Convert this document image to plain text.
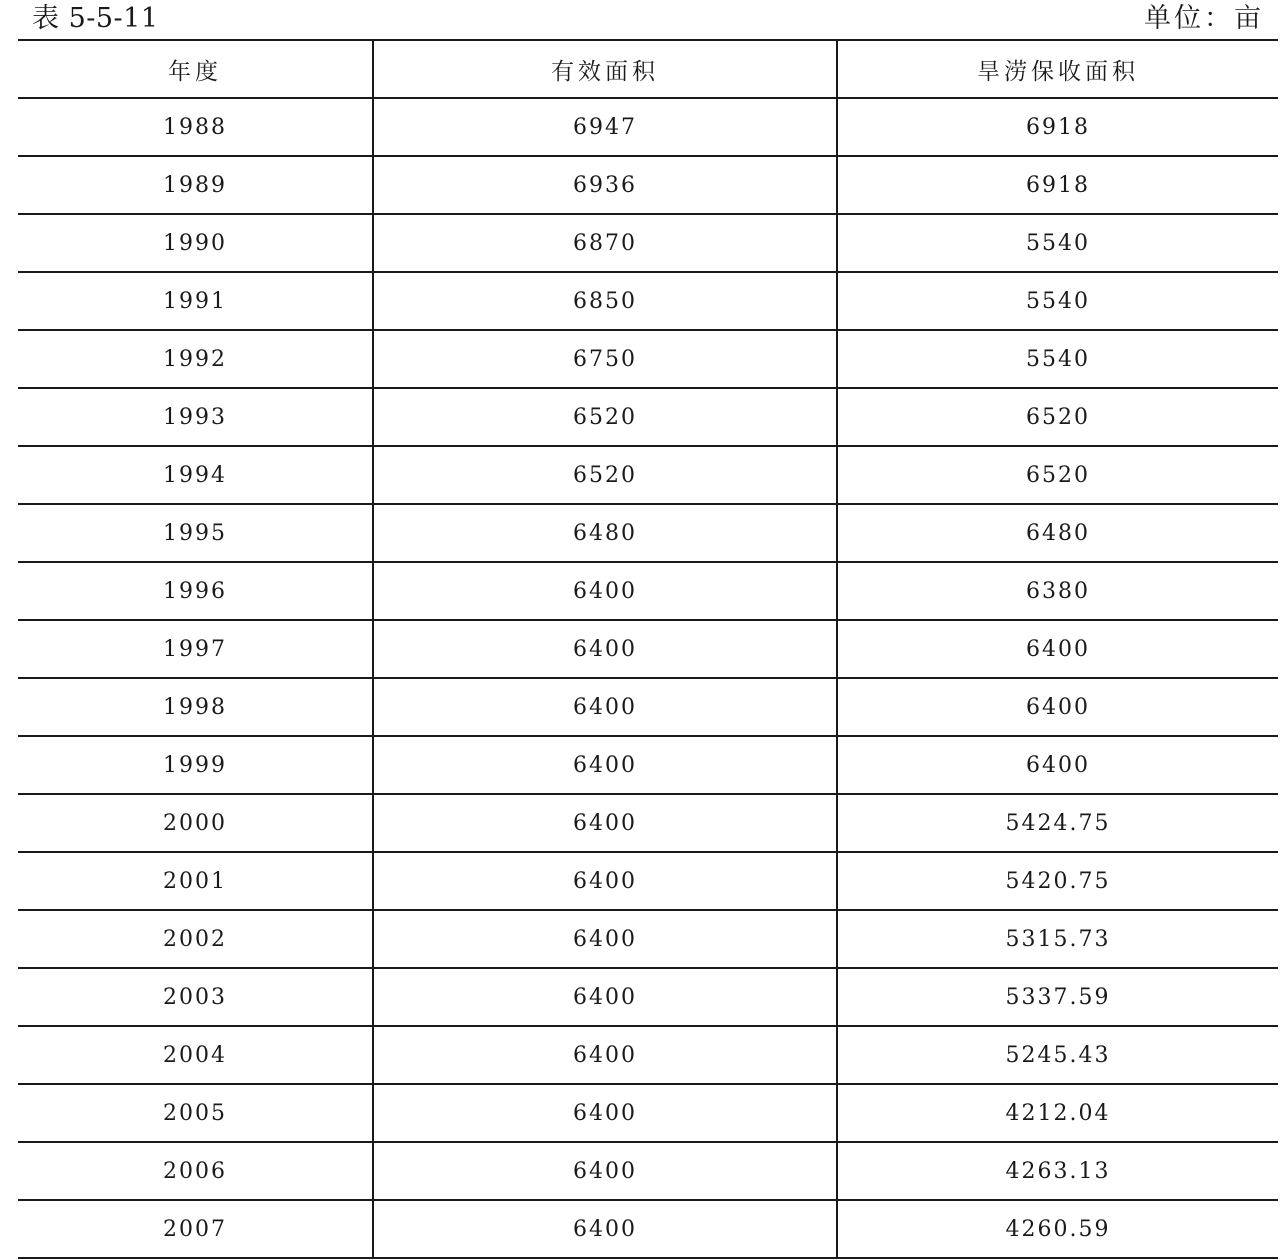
表 5-5-11	单位：亩
年度	有效面积	旱涝保收面积
1988	6947	6918
1989	6936	6918
1990	6870	5540
1991	6850	5540
1992	6750	5540
1993	6520	6520
1994	6520	6520
1995	6480	6480
1996	6400	6380
1997	6400	6400
1998	6400	6400
1999	6400	6400
2000	6400	5424.75
2001	6400	5420.75
2002	6400	5315.73
2003	6400	5337.59
2004	6400	5245.43
2005	6400	4212.04
2006	6400	4263.13
2007	6400	4260.59
